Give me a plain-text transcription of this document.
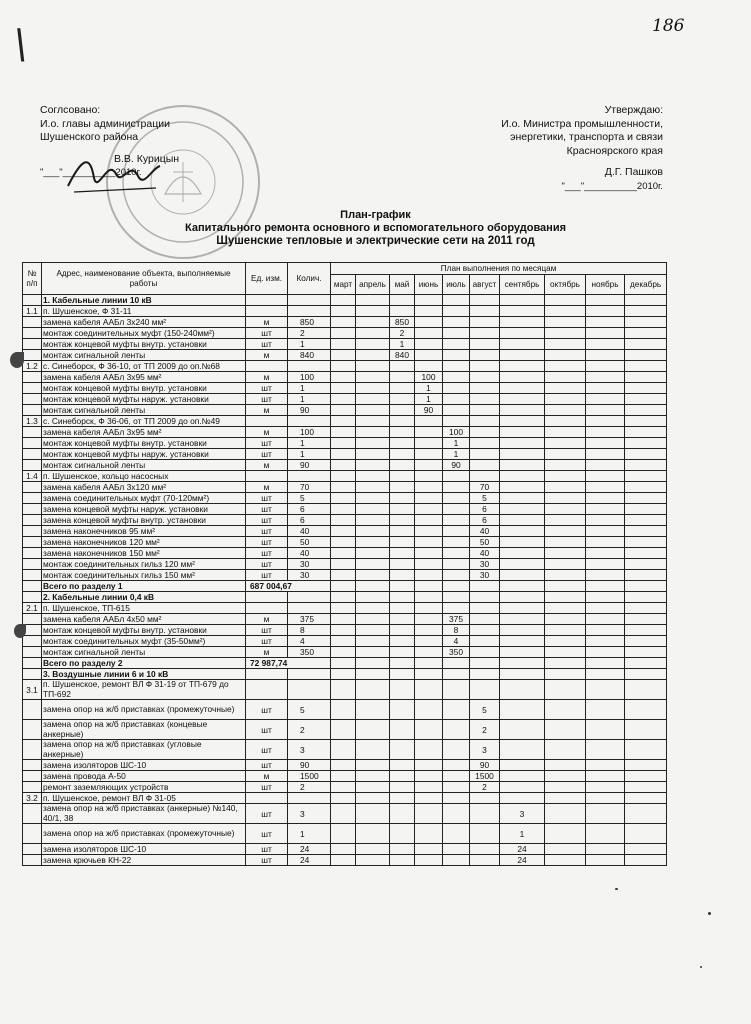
186
\
Соглсовано:
И.о. главы администрации
Шушенского района
В.В. Курицын
"___"__________2010г.
Утверждаю:
И.о. Министра промышленности,
энергетики, транспорта и связи
Красноярского края
Д.Г. Пашков
"___"__________2010г.
План-график
Капитального ремонта основного и вспомогательного оборудования
Шушенские тепловые и электрические сети на 2011 год
№ п/п	Адрес, наименование объекта, выполняемые работы	Ед. изм.	Колич.	План выполнения по месяцам									
				март	апрель	май	июнь	июль	август	сентябрь	октябрь	ноябрь	декабрь
	1. Кабельные линии 10 кВ												
1.1	п. Шушенское, Ф 31-11												
	замена кабеля ААБл 3х240 мм²	м	850			850							
	монтаж соединительных муфт (150-240мм²)	шт	2			2							
	монтаж концевой муфты внутр. установки	шт	1			1							
	монтаж сигнальной ленты	м	840			840							
1.2	с. Синеборск, Ф 36-10, от ТП 2009 до оп.№68												
	замена кабеля ААБл 3х95 мм²	м	100				100						
	монтаж концевой муфты внутр. установки	шт	1				1						
	монтаж концевой муфты наруж. установки	шт	1				1						
	монтаж сигнальной ленты	м	90				90						
1.3	с. Синеборск, Ф 36-06, от ТП 2009 до оп.№49												
	замена кабеля ААБл 3х95 мм²	м	100					100					
	монтаж концевой муфты внутр. установки	шт	1					1					
	монтаж концевой муфты наруж. установки	шт	1					1					
	монтаж сигнальной ленты	м	90					90					
1.4	п. Шушенское, кольцо насосных												
	замена кабеля ААБл 3х120 мм²	м	70						70				
	замена соединительных муфт (70-120мм²)	шт	5						5				
	замена концевой муфты наруж. установки	шт	6						6				
	замена концевой муфты внутр. установки	шт	6						6				
	замена наконечников 95 мм²	шт	40						40				
	замена наконечников 120 мм²	шт	50						50				
	замена наконечников 150 мм²	шт	40						40				
	монтаж соединительных гильз 120 мм²	шт	30						30				
	монтаж соединительных гильз 150 мм²	шт	30						30				
	Всего по разделу 1	687 004,67											
	2. Кабельные линии 0,4 кВ												
2.1	п. Шушенское, ТП-615												
	замена кабеля ААБл 4х50 мм²	м	375					375					
	монтаж концевой муфты внутр. установки	шт	8					8					
	монтаж соединительных муфт (35-50мм²)	шт	4					4					
	монтаж сигнальной ленты	м	350					350					
	Всего по разделу 2	72 987,74											
	3. Воздушные линии 6 и 10 кВ												
3.1	п. Шушенское, ремонт ВЛ Ф 31-19 от ТП-679 до ТП-692												
	замена опор на ж/б приставках (промежуточные)	шт	5						5				
	замена опор на ж/б приставках (концевые анкерные)	шт	2						2				
	замена опор на ж/б приставках (угловые анкерные)	шт	3						3				
	замена изоляторов ШС-10	шт	90						90				
	замена провода А-50	м	1500						1500				
	ремонт заземляющих устройств	шт	2						2				
3.2	п. Шушенское, ремонт ВЛ Ф 31-05												
	замена опор на ж/б приставках (анкерные) №140, 40/1, 38	шт	3							3			
	замена опор на ж/б приставках (промежуточные)	шт	1							1			
	замена изоляторов ШС-10	шт	24							24			
	замена крючьев КН-22	шт	24							24			
